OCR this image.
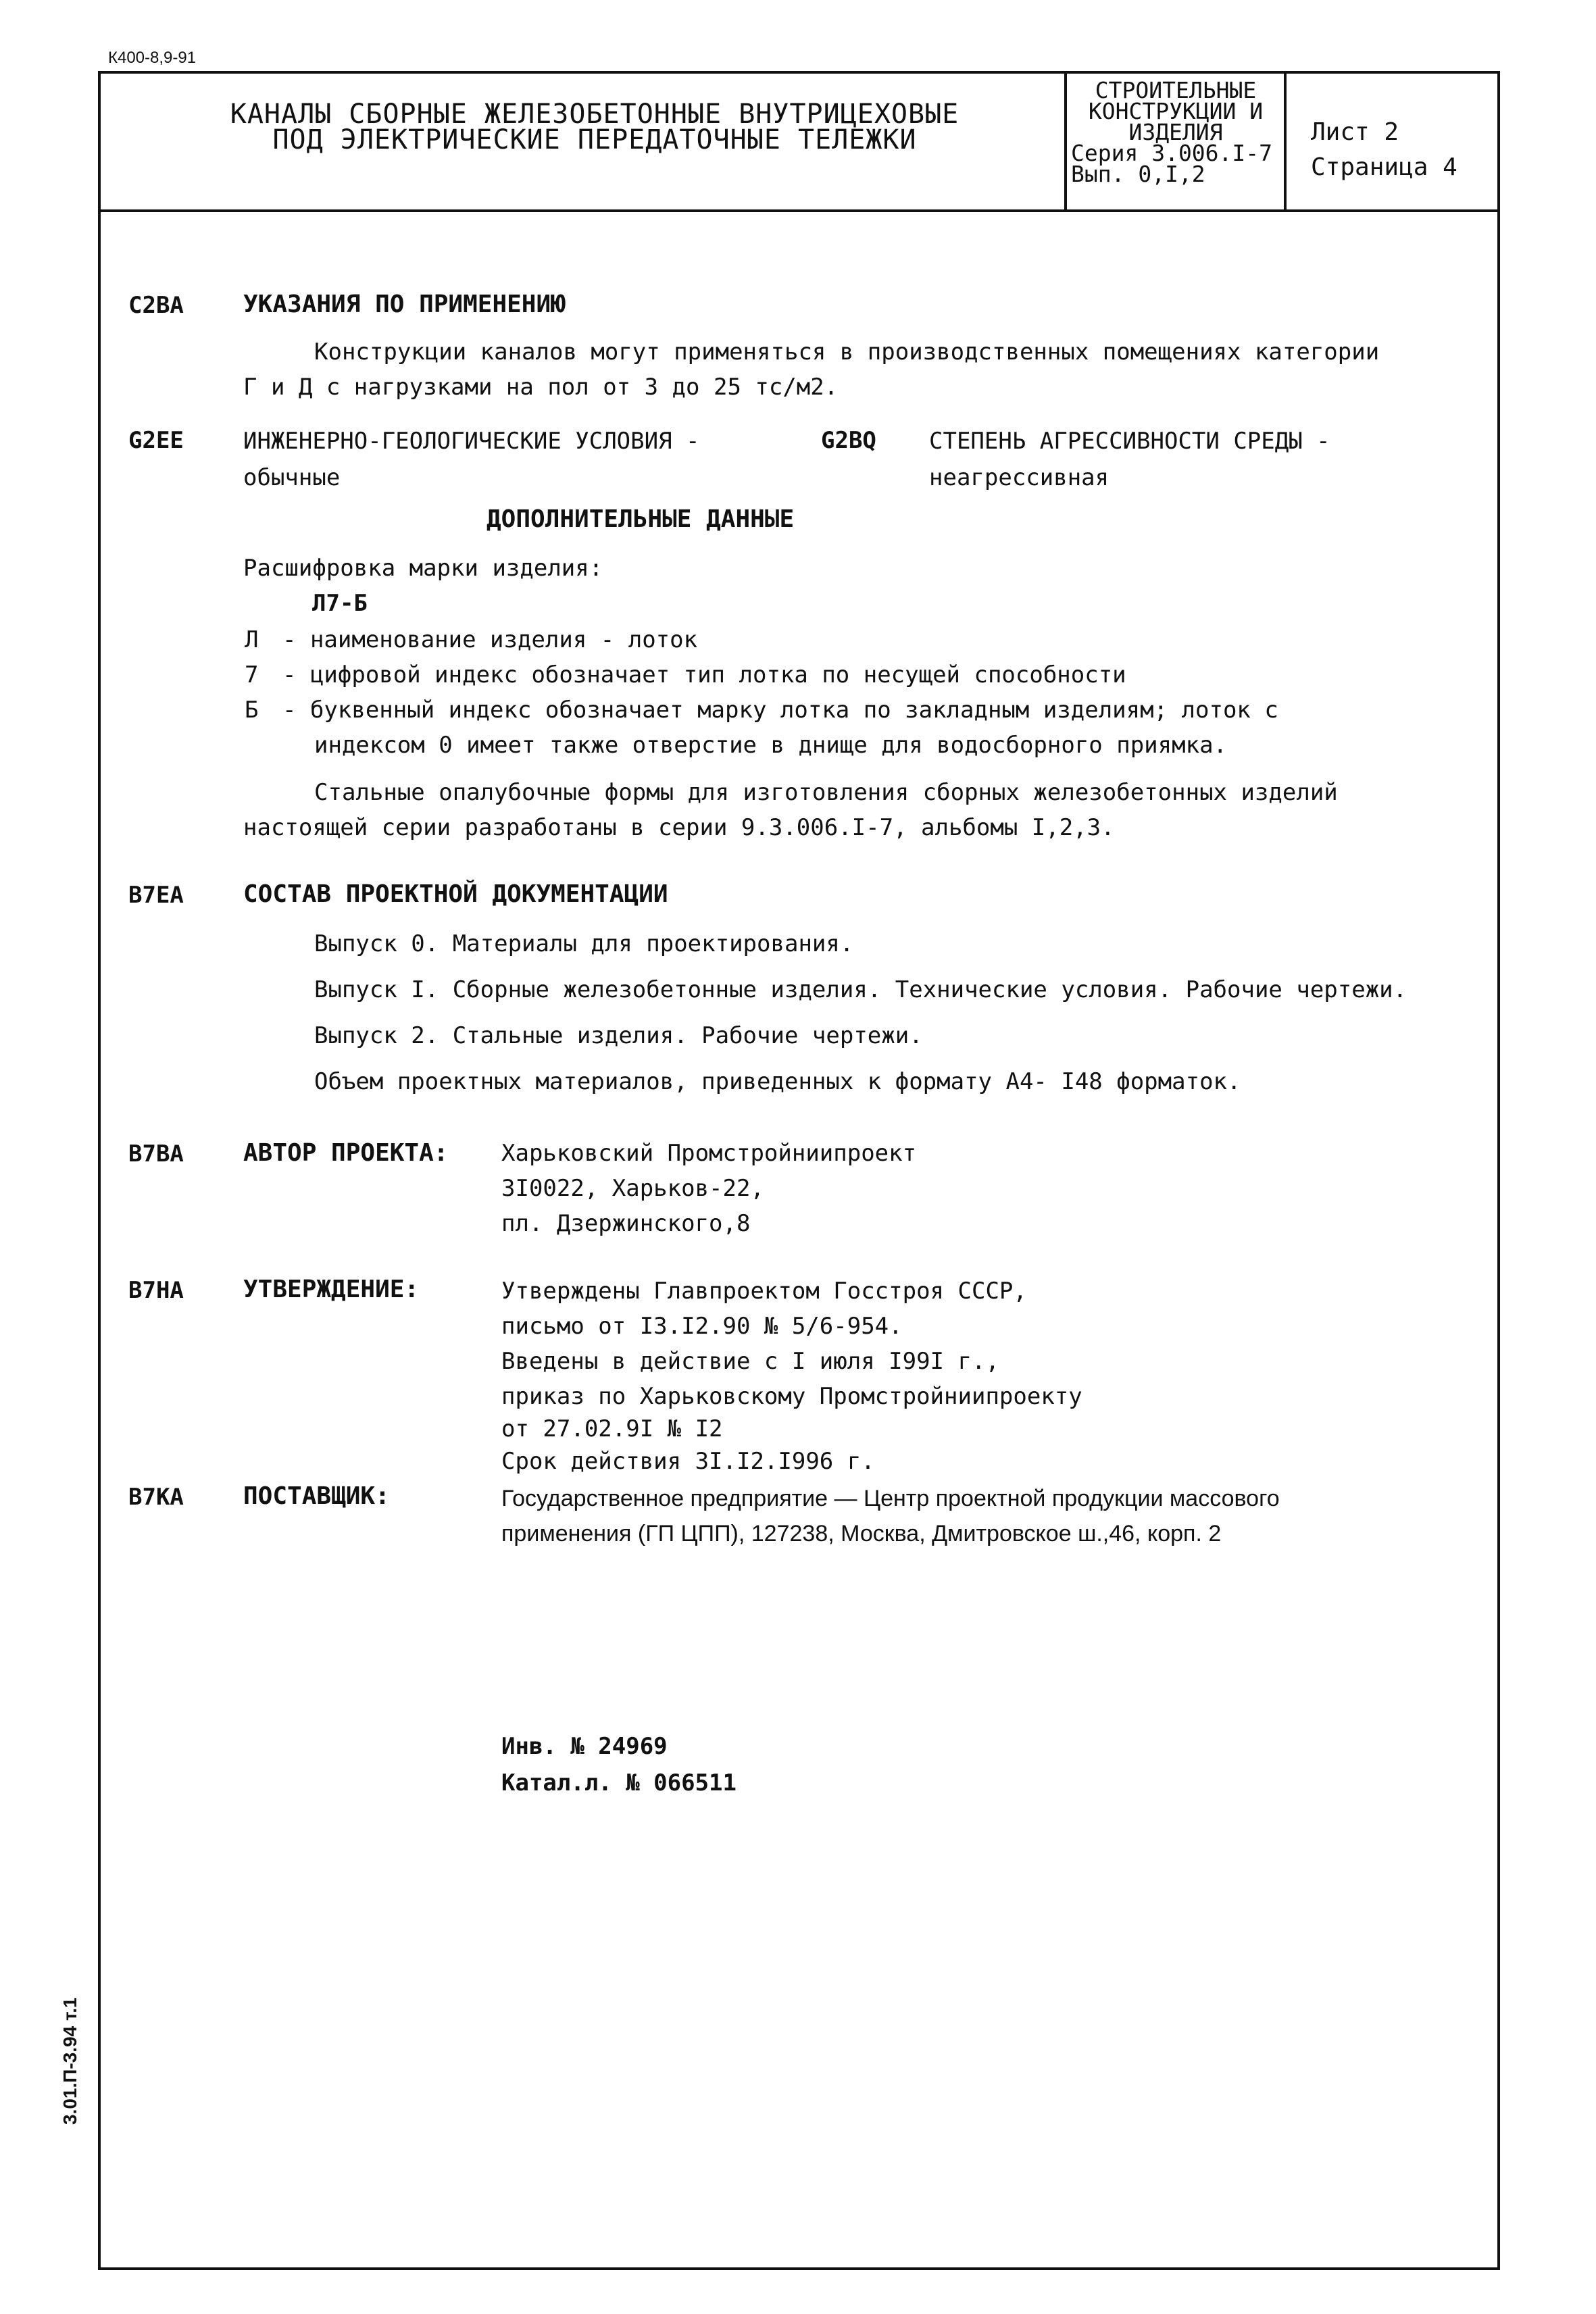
К400-8,9-91
КАНАЛЫ СБОРНЫЕ ЖЕЛЕЗОБЕТОННЫЕ ВНУТРИЦЕХОВЫЕ
ПОД ЭЛЕКТРИЧЕСКИЕ ПЕРЕДАТОЧНЫЕ ТЕЛЕЖКИ
СТРОИТЕЛЬНЫЕ
КОНСТРУКЦИИ И
ИЗДЕЛИЯ
Серия 3.006.I-7
Вып. 0,I,2
Лист 2
Страница 4
C2BA УКАЗАНИЯ ПО ПРИМЕНЕНИЮ
Конструкции каналов могут применяться в производственных помещениях категории
Г и Д с нагрузками на пол от 3 до 25 тс/м2.
G2EE	ИНЖЕНЕРНО-ГЕОЛОГИЧЕСКИЕ УСЛОВИЯ -
обычные
G2BQ СТЕПЕНЬ АГРЕССИВНОСТИ СРЕДЫ -
неагрессивная
ДОПОЛНИТЕЛЬНЫЕ ДАННЫЕ
Расшифровка марки изделия:
Л7-Б
Л - наименование изделия - лоток
7 - цифровой индекс обозначает тип лотка по несущей способности
Б - буквенный индекс обозначает марку лотка по закладным изделиям; лоток с
индексом 0 имеет также отверстие в днище для водосборного приямка.
Стальные опалубочные формы для изготовления сборных железобетонных изделий
настоящей серии разработаны в серии 9.3.006.I-7, альбомы I,2,3.
B7EA СОСТАВ ПРОЕКТНОЙ ДОКУМЕНТАЦИИ
Выпуск 0. Материалы для проектирования.
Выпуск I. Сборные железобетонные изделия. Технические условия. Рабочие чертежи.
Выпуск 2. Стальные изделия. Рабочие чертежи.
Объем проектных материалов, приведенных к формату А4- I48 форматок.
B7BA АВТОР ПРОЕКТА: Харьковский Промстройниипроект
3I0022, Харьков-22,
пл. Дзержинского,8
B7HA УТВЕРЖДЕНИЕ:	Утверждены Главпроектом Госстроя СССР,
письмо от I3.I2.90 № 5/6-954.
Введены в действие с I июля I99I г.,
приказ по Харьковскому Промстройниипроекту
от 27.02.9I № I2
Срок действия 3I.I2.I996 г.
B7KA ПОСТАВЩИК:	Государственное предприятие — Центр проектной продукции массового
применения (ГП ЦПП), 127238, Москва, Дмитровское ш.,46, корп. 2
Инв. № 24969
Катал.л. № 066511
3.01.П-3.94 т.1
